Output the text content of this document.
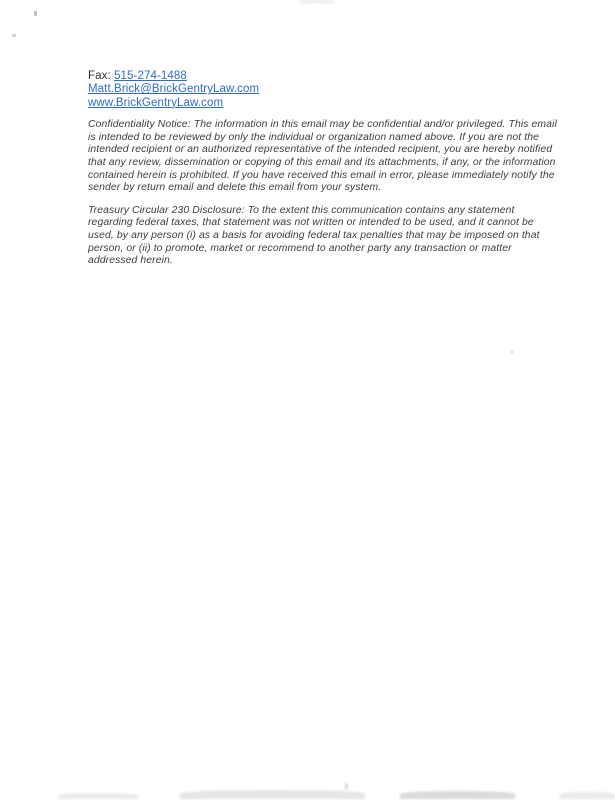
Fax: 515-274-1488
Matt.Brick@BrickGentryLaw.com
www.BrickGentryLaw.com

Confidentiality Notice: The information in this email may be confidential and/or privileged. This email is intended to be reviewed by only the individual or organization named above. If you are not the intended recipient or an authorized representative of the intended recipient, you are hereby notified that any review, dissemination or copying of this email and its attachments, if any, or the information contained herein is prohibited. If you have received this email in error, please immediately notify the sender by return email and delete this email from your system.

Treasury Circular 230 Disclosure: To the extent this communication contains any statement regarding federal taxes, that statement was not written or intended to be used, and it cannot be used, by any person (i) as a basis for avoiding federal tax penalties that may be imposed on that person, or (ii) to promote, market or recommend to another party any transaction or matter addressed herein.
